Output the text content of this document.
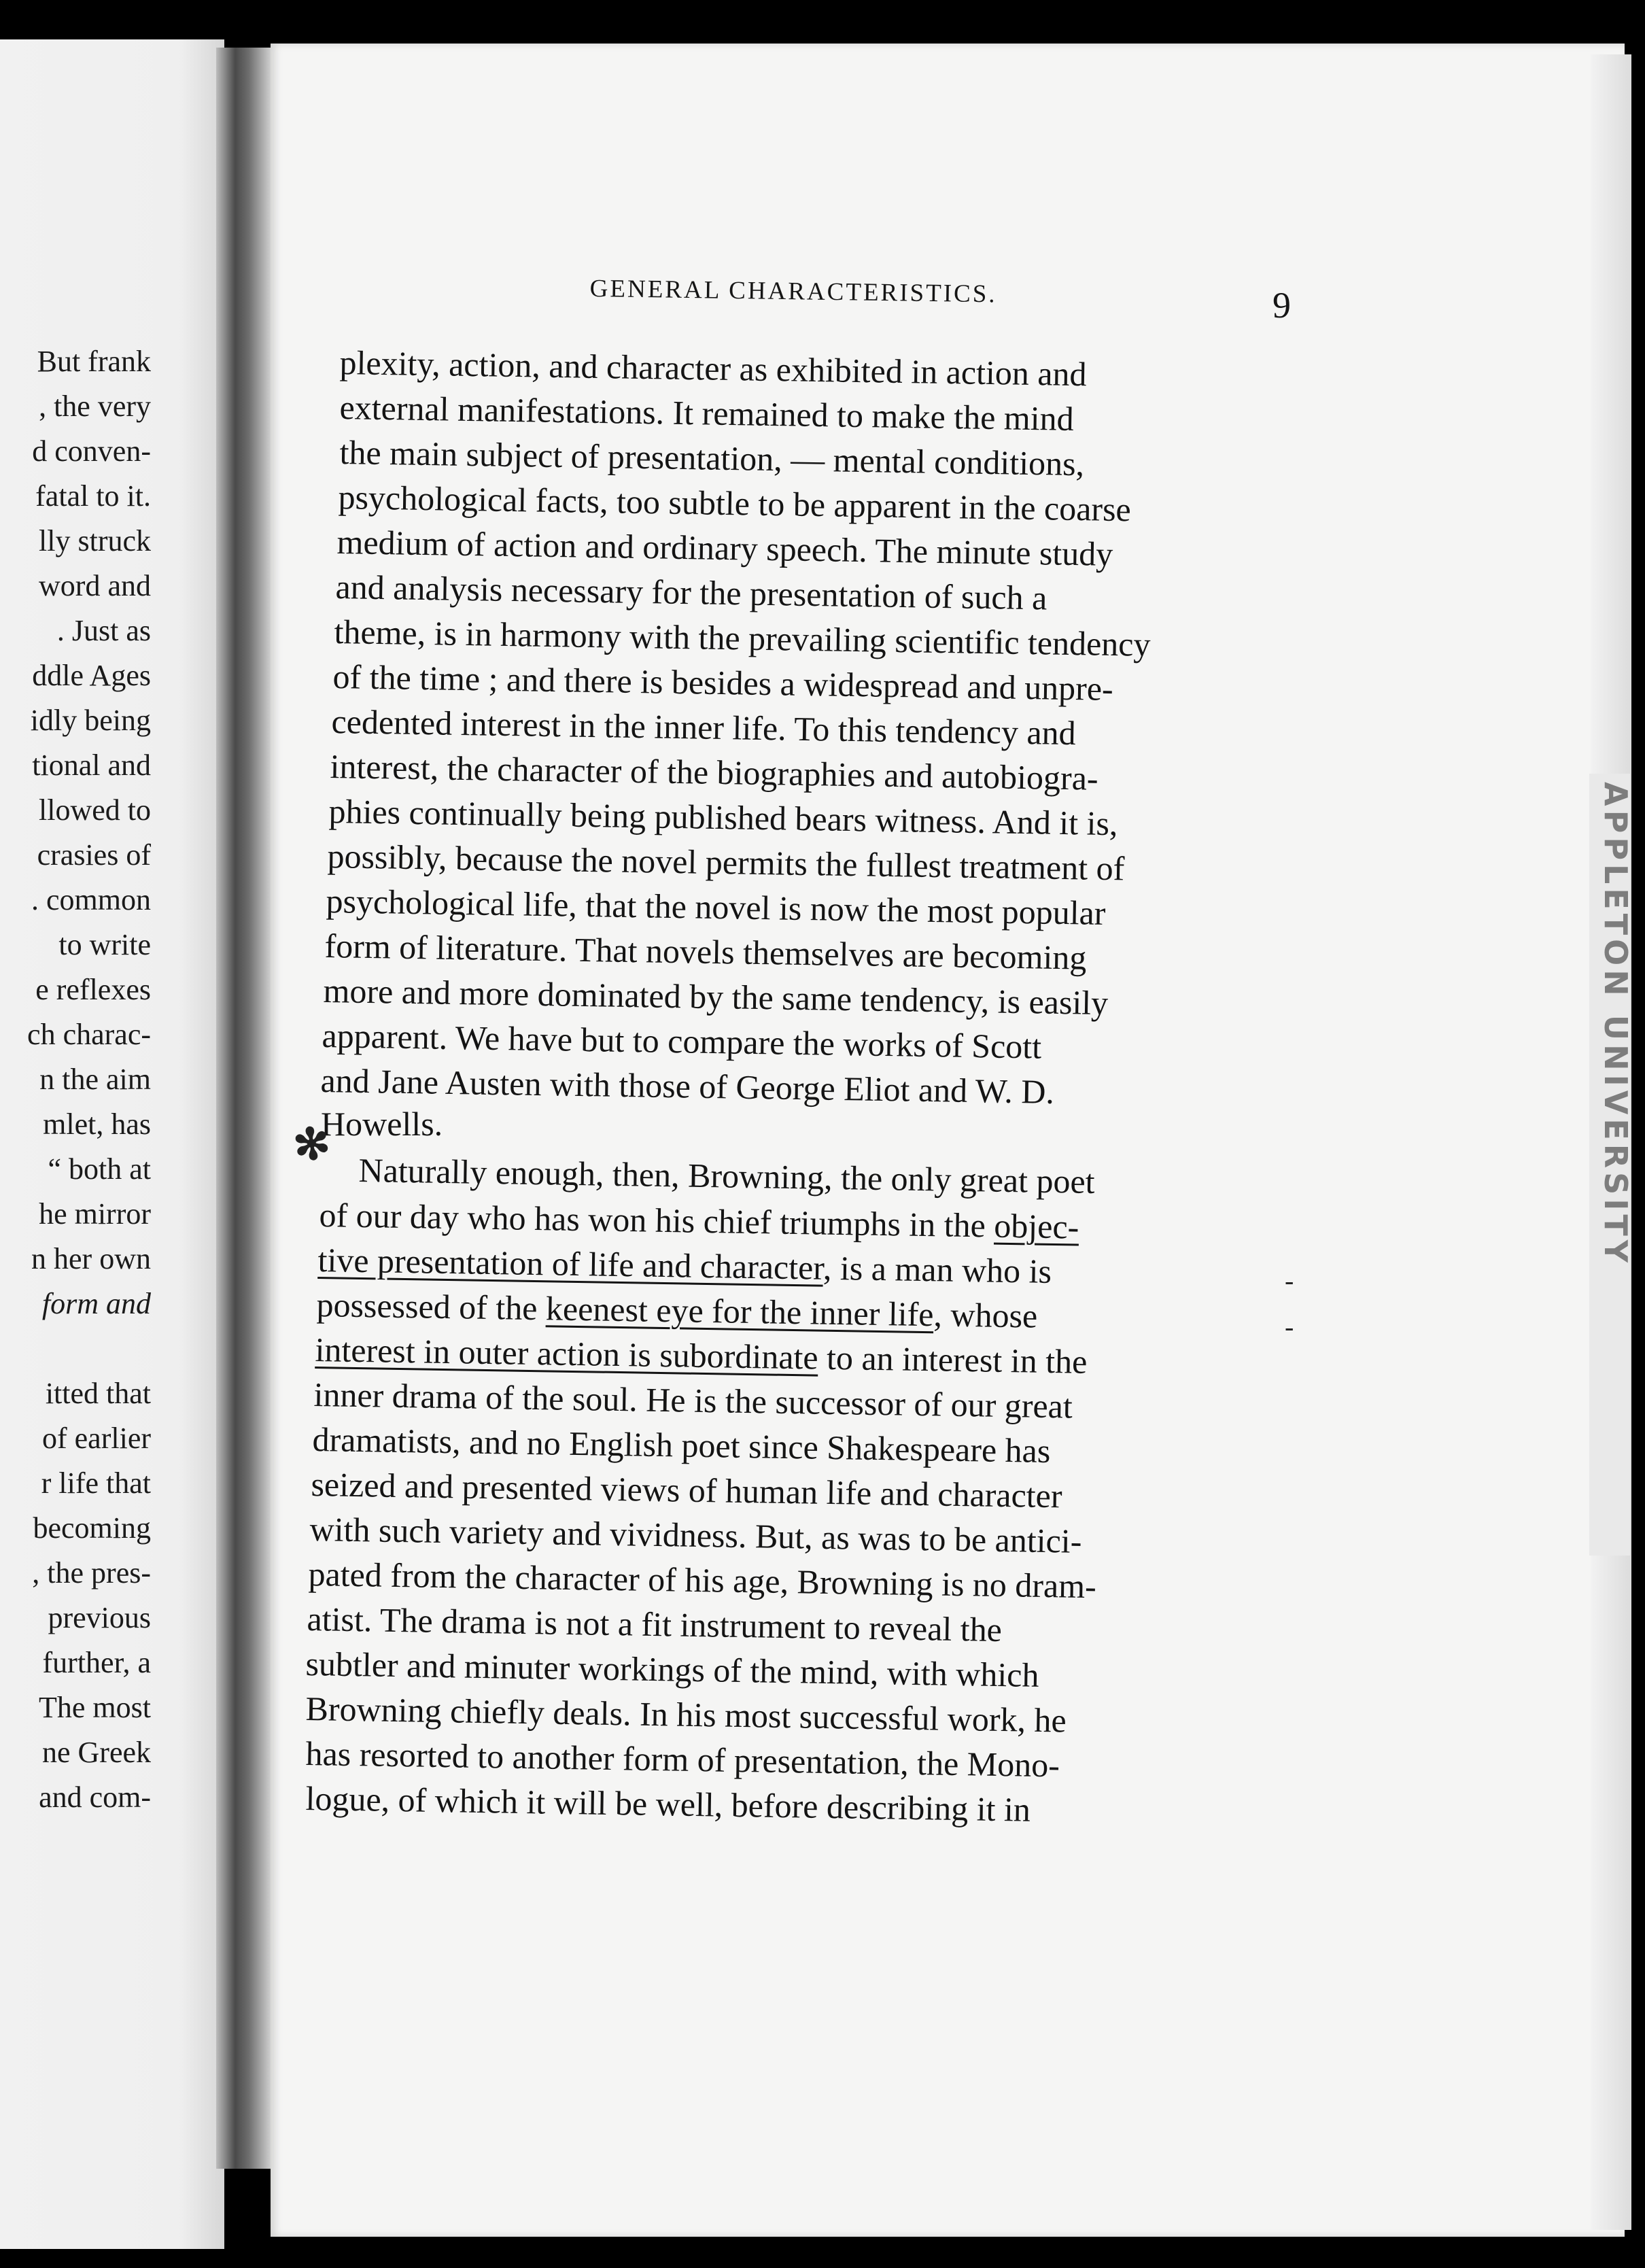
But frank
, the very
d conven-
fatal to it.
lly struck
word and
. Just as
ddle Ages
idly being
tional and
llowed to
crasies of
. common
to write
e reflexes
ch charac-
n the aim
mlet, has
“ both at
he mirror
n her own
form and
itted that
of earlier
r life that
becoming
, the pres-
previous
further, a
The most
ne Greek
and com-
GENERAL CHARACTERISTICS.	9
plexity, action, and character as exhibited in action and
external manifestations. It remained to make the mind
the main subject of presentation, — mental conditions,
psychological facts, too subtle to be apparent in the coarse
medium of action and ordinary speech. The minute study
and analysis necessary for the presentation of such a
theme, is in harmony with the prevailing scientific tendency
of the time ; and there is besides a widespread and unpre-
cedented interest in the inner life. To this tendency and
interest, the character of the biographies and autobiogra-
phies continually being published bears witness. And it is,
possibly, because the novel permits the fullest treatment of
psychological life, that the novel is now the most popular
form of literature. That novels themselves are becoming
more and more dominated by the same tendency, is easily
apparent. We have but to compare the works of Scott
and Jane Austen with those of George Eliot and W. D.
Howells.
✻
Naturally enough, then, Browning, the only great poet
of our day who has won his chief triumphs in the objec-
tive presentation of life and character, is a man who is	-
possessed of the keenest eye for the inner life, whose	-
interest in outer action is subordinate to an interest in the
inner drama of the soul. He is the successor of our great
dramatists, and no English poet since Shakespeare has
seized and presented views of human life and character
with such variety and vividness. But, as was to be antici-
pated from the character of his age, Browning is no dram-
atist. The drama is not a fit instrument to reveal the
subtler and minuter workings of the mind, with which
Browning chiefly deals. In his most successful work, he
has resorted to another form of presentation, the Mono-
logue, of which it will be well, before describing it in
APPLETON UNIVERSITY
